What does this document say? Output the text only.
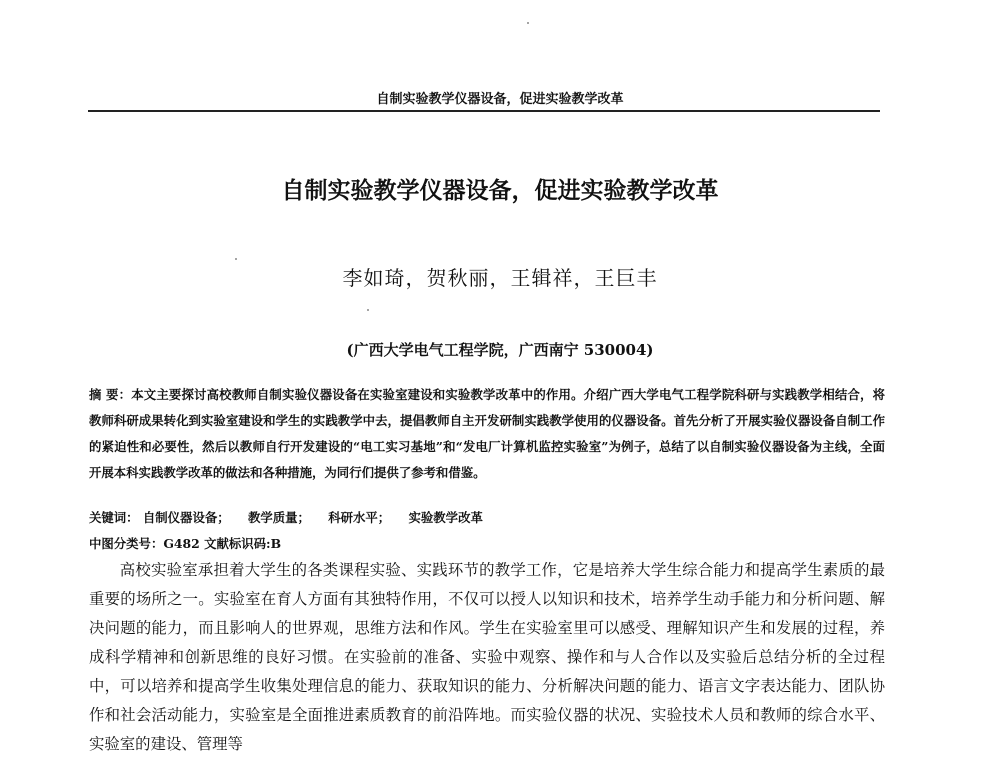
自制实验教学仪器设备，促进实验教学改革
自制实验教学仪器设备，促进实验教学改革
李如琦，贺秋丽，王辑祥，王巨丰
(广西大学电气工程学院，广西南宁 530004)
摘 要：本文主要探讨高校教师自制实验仪器设备在实验室建设和实验教学改革中的作用。介绍广西大学电气工程学院科研与实践教学相结合，将教师科研成果转化到实验室建设和学生的实践教学中去，提倡教师自主开发研制实践教学使用的仪器设备。首先分析了开展实验仪器设备自制工作的紧迫性和必要性，然后以教师自行开发建设的“电工实习基地”和“发电厂计算机监控实验室”为例子，总结了以自制实验仪器设备为主线，全面开展本科实践教学改革的做法和各种措施，为同行们提供了参考和借鉴。
关键词： 自制仪器设备； 教学质量； 科研水平； 实验教学改革
中图分类号：G482 文献标识码:B
高校实验室承担着大学生的各类课程实验、实践环节的教学工作，它是培养大学生综合能力和提高学生素质的最重要的场所之一。实验室在育人方面有其独特作用，不仅可以授人以知识和技术，培养学生动手能力和分析问题、解决问题的能力，而且影响人的世界观，思维方法和作风。学生在实验室里可以感受、理解知识产生和发展的过程，养成科学精神和创新思维的良好习惯。在实验前的准备、实验中观察、操作和与人合作以及实验后总结分析的全过程中，可以培养和提高学生收集处理信息的能力、获取知识的能力、分析解决问题的能力、语言文字表达能力、团队协作和社会活动能力，实验室是全面推进素质教育的前沿阵地。而实验仪器的状况、实验技术人员和教师的综合水平、实验室的建设、管理等
